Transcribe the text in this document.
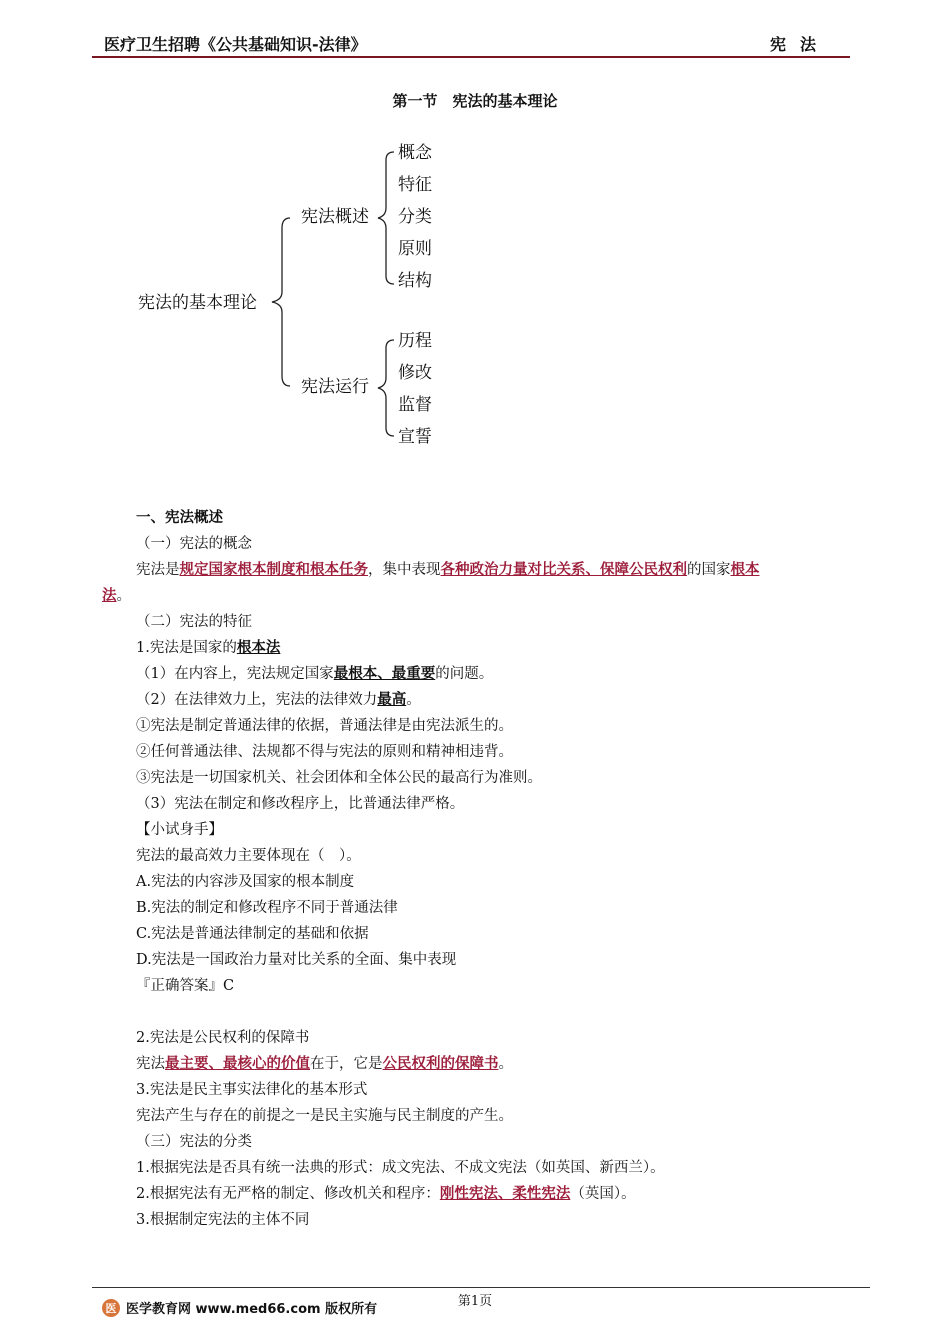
医疗卫生招聘《公共基础知识-法律》	宪法
第一节　宪法的基本理论
宪法的基本理论
宪法概述
宪法运行
概念
特征
分类
原则
结构
历程
修改
监督
宣誓
一、宪法概述
（一）宪法的概念
宪法是规定国家根本制度和根本任务，集中表现各种政治力量对比关系、保障公民权利的国家根本
法。
（二）宪法的特征
1.宪法是国家的根本法
（1）在内容上，宪法规定国家最根本、最重要的问题。
（2）在法律效力上，宪法的法律效力最高。
①宪法是制定普通法律的依据，普通法律是由宪法派生的。
②任何普通法律、法规都不得与宪法的原则和精神相违背。
③宪法是一切国家机关、社会团体和全体公民的最高行为准则。
（3）宪法在制定和修改程序上，比普通法律严格。
【小试身手】
宪法的最高效力主要体现在（　）。
A.宪法的内容涉及国家的根本制度
B.宪法的制定和修改程序不同于普通法律
C.宪法是普通法律制定的基础和依据
D.宪法是一国政治力量对比关系的全面、集中表现
『正确答案』C
2.宪法是公民权利的保障书
宪法最主要、最核心的价值在于，它是公民权利的保障书。
3.宪法是民主事实法律化的基本形式
宪法产生与存在的前提之一是民主实施与民主制度的产生。
（三）宪法的分类
1.根据宪法是否具有统一法典的形式：成文宪法、不成文宪法（如英国、新西兰）。
2.根据宪法有无严格的制定、修改机关和程序：刚性宪法、柔性宪法（英国）。
3.根据制定宪法的主体不同
第1页
医 医学教育网 www.med66.com 版权所有
